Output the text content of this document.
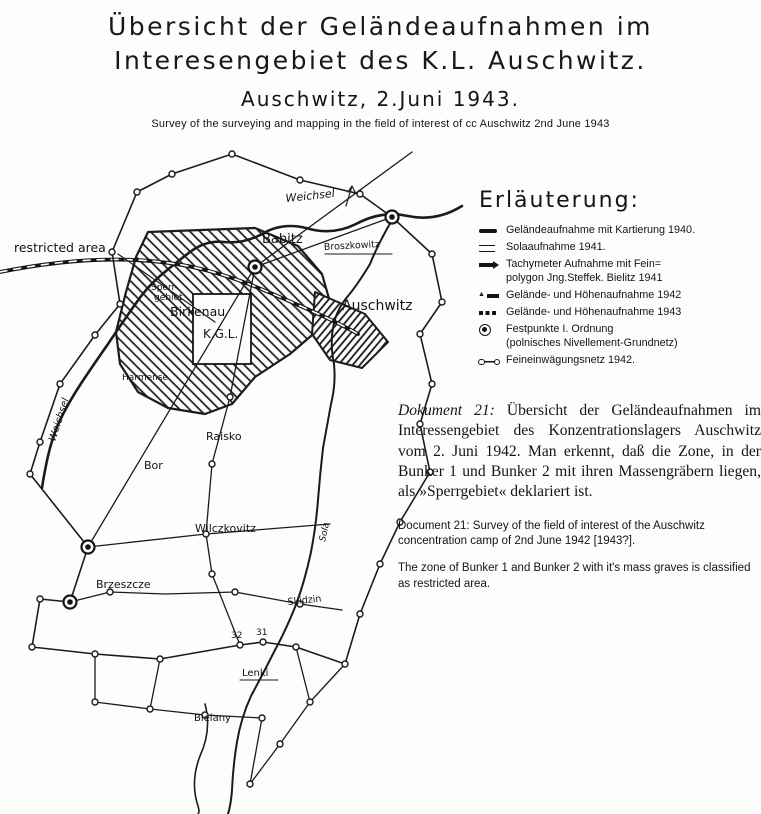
Übersicht der Geländeaufnahmen im
Interesengebiet des K.L. Auschwitz.
Auschwitz, 2.Juni 1943.
Survey of the surveying and mapping in the field of interest of cc Auschwitz 2nd June 1943
restricted area
Weichsel
Babitz Broszkowitz
Auschwitz
Sperr-
gebiet
Birkenau
K.G.L.
Harmense
Raisko
Weichsel
Bor
Wilczkovitz	Sola
Brzeszcze
Skidzin
32 31
Lenki
Bielany
Erläuterung:
Geländeaufnahme mit Kartierung 1940.
Solaaufnahme 1941.
Tachymeter Aufnahme mit Fein=
polygon Jng.Steffek. Bielitz 1941
▲
Gelände- und Höhenaufnahme 1942
Gelände- und Höhenaufnahme 1943
Festpunkte I. Ordnung
(polnisches Nivellement-Grundnetz)
Feineinwägungsnetz 1942.
Dokument 21: Übersicht der Geländeaufnahmen im Interessengebiet des Konzentrationslagers Auschwitz vom 2. Juni 1942. Man erkennt, daß die Zone, in der Bunker 1 und Bunker 2 mit ihren Massengräbern liegen, als »Sperrgebiet« deklariert ist.

Document 21: Survey of the field of interest of the Auschwitz concentration camp of 2nd June 1942 [1943?].

The zone of Bunker 1 and Bunker 2 with it's mass graves is classified as restricted area.
